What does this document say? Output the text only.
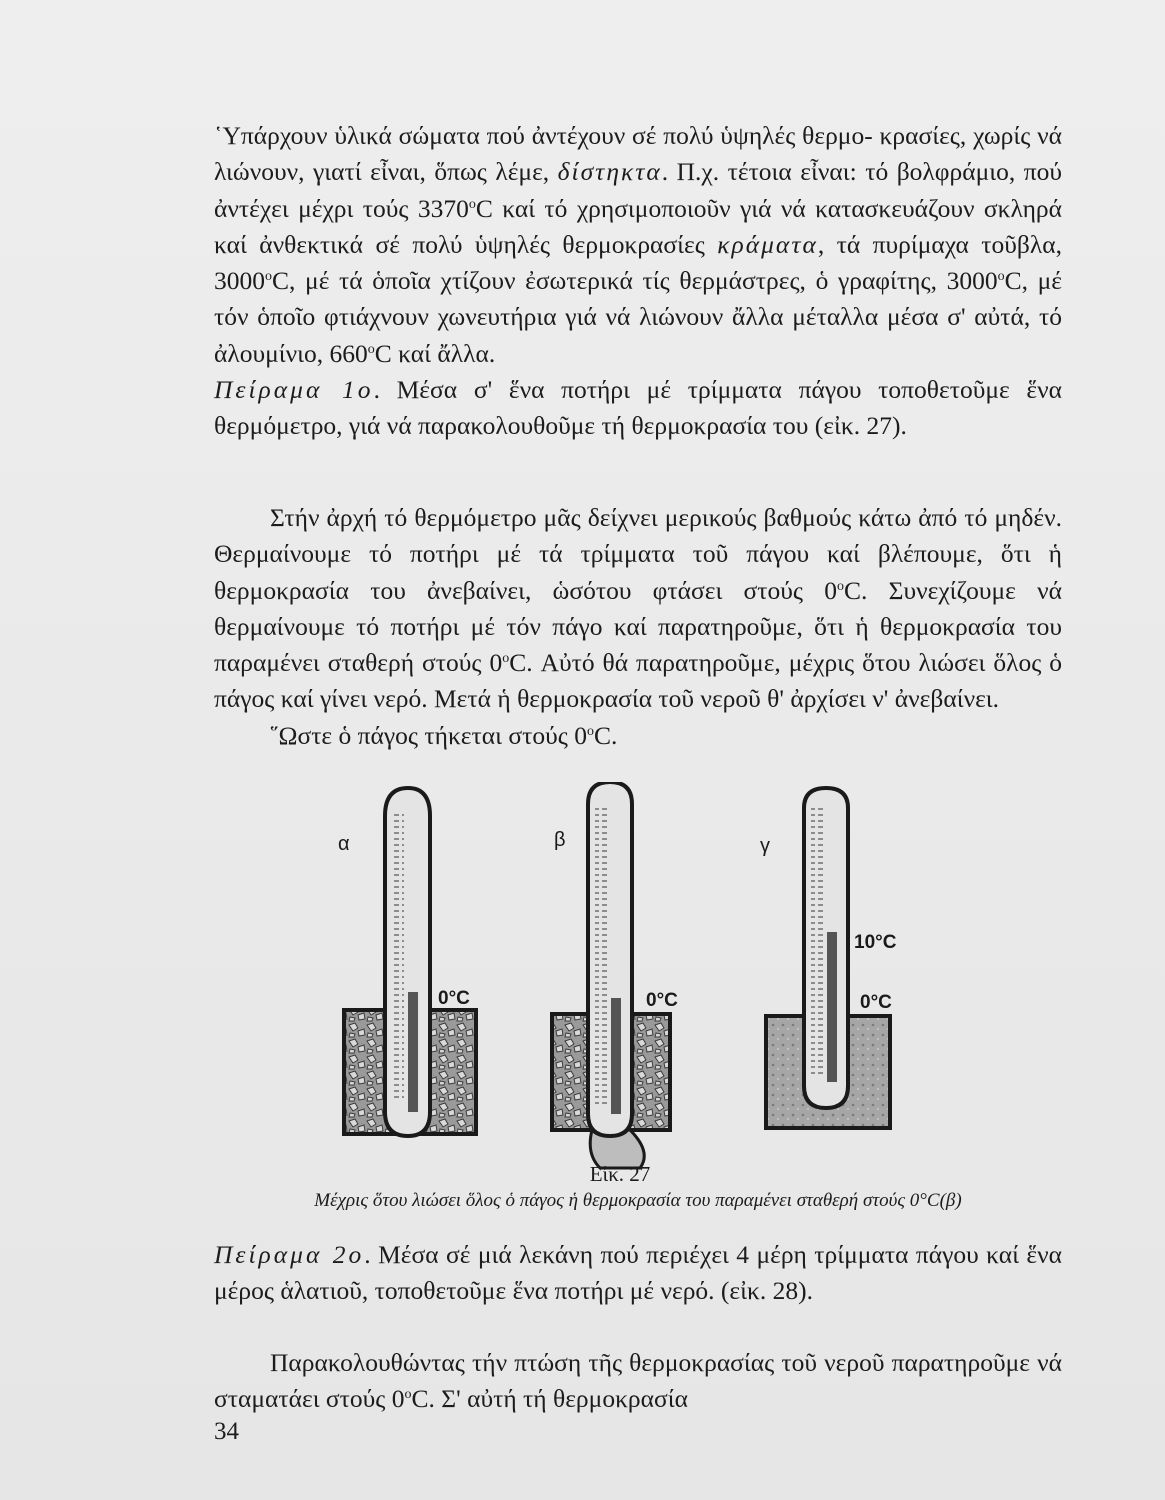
῾Υπάρχουν ὑλικά σώματα πού ἀντέχουν σέ πολύ ὑψηλές θερμο- κρασίες, χωρίς νά λιώνουν, γιατί εἶναι, ὅπως λέμε, δίστηκτα. Π.χ. τέτοια εἶναι: τό βολφράμιο, πού ἀντέχει μέχρι τούς 3370$^o$C καί τό χρησιμοποιοῦν γιά νά κατασκευάζουν σκληρά καί ἀνθεκτικά σέ πολύ ὑψηλές θερμοκρασίες κράματα, τά πυρίμαχα τοῦβλα, 3000$^o$C, μέ τά ὁποῖα χτίζουν ἐσωτερικά τίς θερμάστρες, ὁ γραφίτης, 3000$^o$C, μέ τόν ὁποῖο φτιάχνουν χωνευτήρια γιά νά λιώνουν ἄλλα μέταλλα μέσα σ' αὐτά, τό ἀλουμίνιο, 660$^o$C καί ἄλλα.

Πείραμα 1ο. Μέσα σ' ἕνα ποτήρι μέ τρίμματα πάγου τοποθετοῦμε ἕνα θερμόμετρο, γιά νά παρακολουθοῦμε τή θερμοκρασία του (εἰκ. 27).

Στήν ἀρχή τό θερμόμετρο μᾶς δείχνει μερικούς βαθμούς κάτω ἀπό τό μηδέν. Θερμαίνουμε τό ποτήρι μέ τά τρίμματα τοῦ πάγου καί βλέπουμε, ὅτι ἡ θερμοκρασία του ἀνεβαίνει, ὡσότου φτάσει στούς 0$^o$C. Συνεχίζουμε νά θερμαίνουμε τό ποτήρι μέ τόν πάγο καί παρατηροῦμε, ὅτι ἡ θερμοκρασία του παραμένει σταθερή στούς 0$^o$C. Αὐτό θά παρατηροῦμε, μέχρις ὅτου λιώσει ὅλος ὁ πάγος καί γίνει νερό. Μετά ἡ θερμοκρασία τοῦ νεροῦ θ' ἀρχίσει ν' ἀνεβαίνει.

῞Ωστε ὁ πάγος τήκεται στούς 0$^o$C.

α
0°C
β
0°C
γ
10°C
0°C
Εἰκ. 27
Μέχρις ὅτου λιώσει ὅλος ὁ πάγος ἡ θερμοκρασία του παραμένει σταθερή στούς 0°C(β)

Πείραμα 2ο. Μέσα σέ μιά λεκάνη πού περιέχει 4 μέρη τρίμματα πάγου καί ἕνα μέρος ἁλατιοῦ, τοποθετοῦμε ἕνα ποτήρι μέ νερό. (εἰκ. 28).

Παρακολουθώντας τήν πτώση τῆς θερμοκρασίας τοῦ νεροῦ παρατηροῦμε νά σταματάει στούς 0$^o$C. Σ' αὐτή τή θερμοκρασία

34
